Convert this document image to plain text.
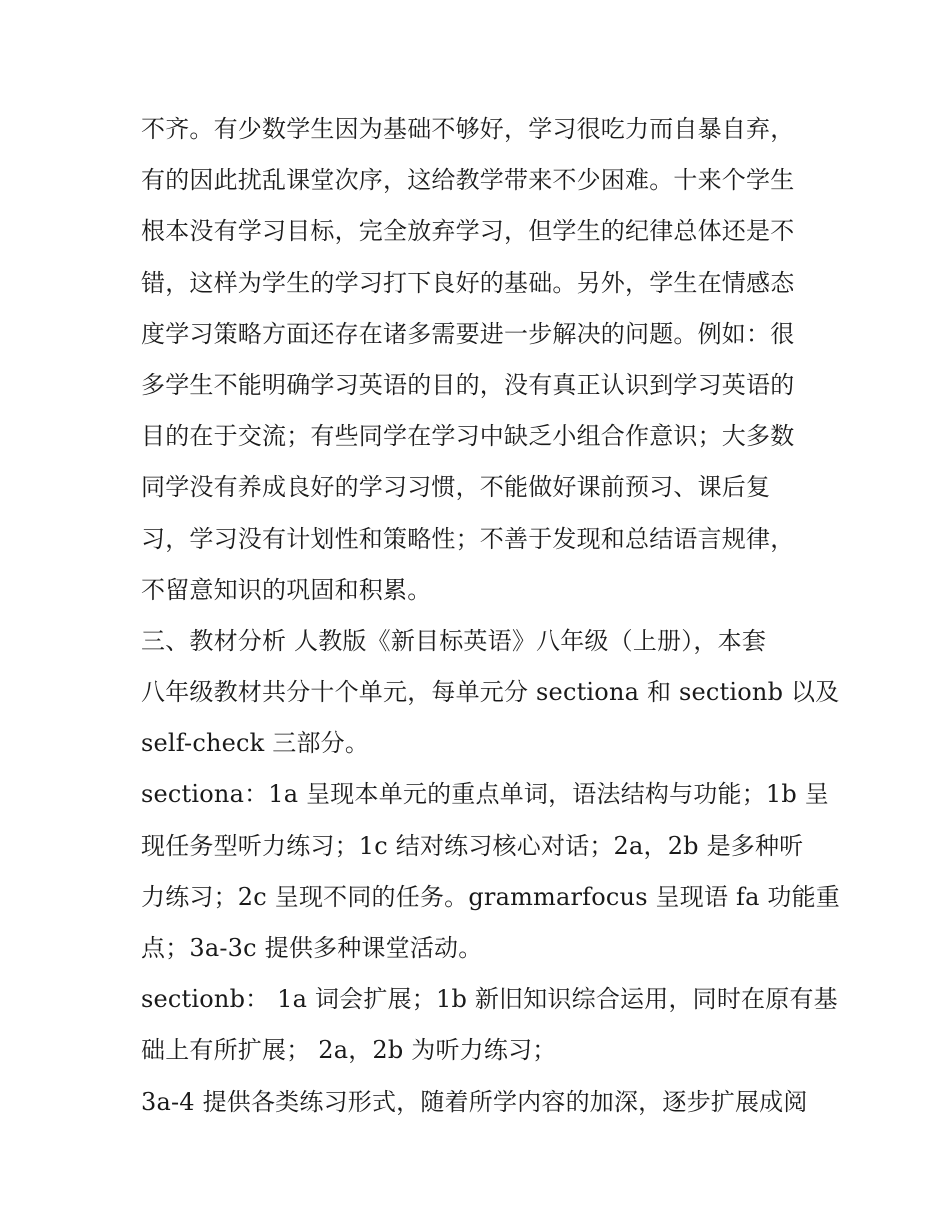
不齐。有少数学生因为基础不够好，学习很吃力而自暴自弃，
有的因此扰乱课堂次序，这给教学带来不少困难。十来个学生
根本没有学习目标，完全放弃学习，但学生的纪律总体还是不
错，这样为学生的学习打下良好的基础。另外，学生在情感态
度学习策略方面还存在诸多需要进一步解决的问题。例如：很
多学生不能明确学习英语的目的，没有真正认识到学习英语的
目的在于交流；有些同学在学习中缺乏小组合作意识；大多数
同学没有养成良好的学习习惯，不能做好课前预习、课后复
习，学习没有计划性和策略性；不善于发现和总结语言规律，
不留意知识的巩固和积累。
三、教材分析 人教版《新目标英语》八年级（上册），本套
八年级教材共分十个单元，每单元分 sectiona 和 sectionb 以及
self-check 三部分。
sectiona：1a 呈现本单元的重点单词，语法结构与功能；1b 呈
现任务型听力练习；1c 结对练习核心对话；2a，2b 是多种听
力练习；2c 呈现不同的任务。grammarfocus 呈现语 fa 功能重
点；3a-3c 提供多种课堂活动。
sectionb： 1a 词会扩展；1b 新旧知识综合运用，同时在原有基
础上有所扩展； 2a，2b 为听力练习；
3a-4 提供各类练习形式，随着所学内容的加深，逐步扩展成阅
